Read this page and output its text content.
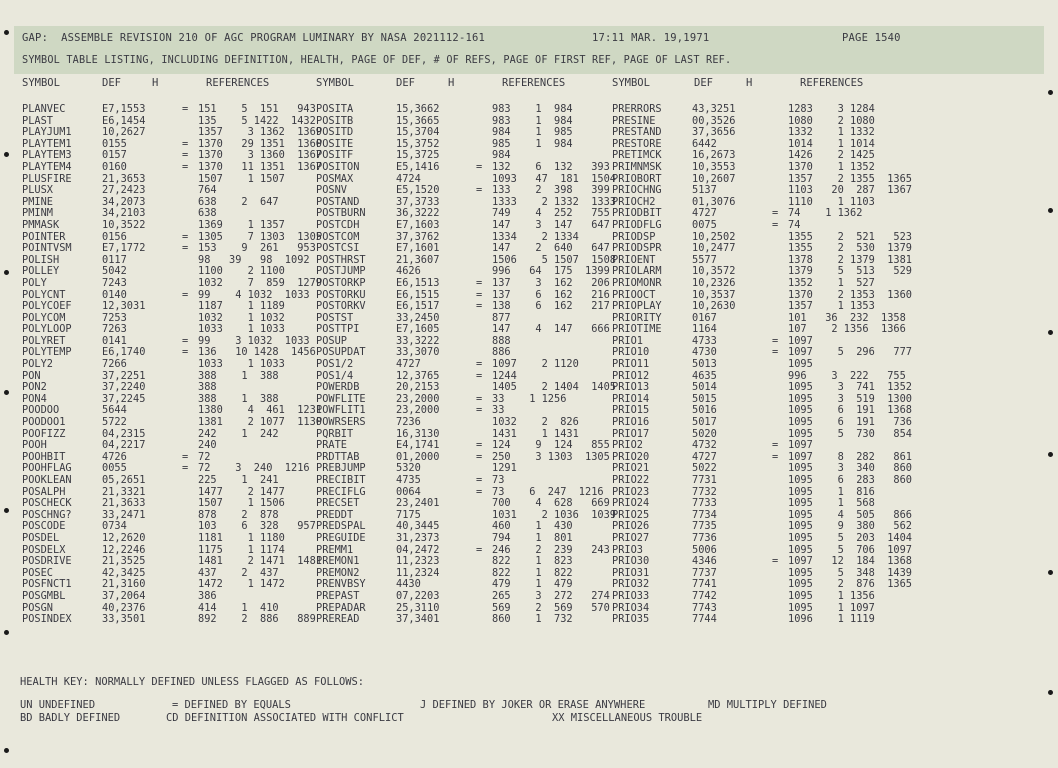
GAP:  ASSEMBLE REVISION 210 OF AGC PROGRAM LUMINARY BY NASA 2021112-161	17:11 MAR. 19,1971	PAGE 1540
SYMBOL TABLE LISTING, INCLUDING DEFINITION, HEALTH, PAGE OF DEF, # OF REFS, PAGE OF FIRST REF, PAGE OF LAST REF.
SYMBOL	DEF	H	REFERENCES	SYMBOL	DEF	H	REFERENCES	SYMBOL	DEF	H	REFERENCES
PLANVEC	E7,1553	= 151    5  151   943
PLAST	E6,1454	135    5 1422  1432
PLAYJUM1	10,2627	1357    3 1362  1369
PLAYTEM1	0155	= 1370   29 1351  1360
PLAYTEM3	0157	= 1370    3 1360  1367
PLAYTEM4	0160	= 1370   11 1351  1367
PLUSFIRE	21,3653	1507    1 1507
PLUSX	27,2423	764
PMINE	34,2073	638    2  647
PMINM	34,2103	638
PMMASK	10,3522	1369    1 1357
POINTER	0156	= 1305    7 1303  1305
POINTVSM	E7,1772	= 153    9  261   953
POLISH	0117	98   39   98  1092
POLLEY	5042	1100    2 1100
POLY	7243	1032    7  859  1279
POLYCNT	0140	= 99    4 1032  1033
POLYCOEF	12,3031	1187    1 1189
POLYCOM	7253	1032    1 1032
POLYLOOP	7263	1033    1 1033
POLYRET	0141	= 99    3 1032  1033
POLYTEMP	E6,1740	= 136   10 1428  1456
POLY2	7266	1033    1 1033
PON	37,2251	388    1  388
PON2	37,2240	388
PON4	37,2245	388    1  388
POODOO	5644	1380    4  461  1231
POODOO1	5722	1381    2 1077  1130
POOFIZZ	04,2315	242    1  242
POOH	04,2217	240
POOHBIT	4726	= 72
POOHFLAG	0055	= 72    3  240  1216
POOKLEAN	05,2651	225    1  241
POSALPH	21,3321	1477    2 1477
POSCHECK	21,3633	1507    1 1506
POSCHNG?	33,2471	878    2  878
POSCODE	0734	103    6  328   957
POSDEL	12,2620	1181    1 1180
POSDELX	12,2246	1175    1 1174
POSDRIVE	21,3525	1481    2 1471  1481
POSEC	42,3425	437    2  437
POSFNCT1	21,3160	1472    1 1472
POSGMBL	37,2064	386
POSGN	40,2376	414    1  410
POSINDEX	33,3501	892    2  886   889
POSITA	15,3662	983    1  984
POSITB	15,3665	983    1  984
POSITD	15,3704	984    1  985
POSITE	15,3752	985    1  984
POSITF	15,3725	984
POSITON	E5,1416	= 132    6  132   393
POSMAX	4724	1093   47  181  1504
POSNV	E5,1520	= 133    2  398   399
POSTAND	37,3733	1333    2 1332  1333
POSTBURN	36,3222	749    4  252   755
POSTCDH	E7,1603	147    3  147   647
POSTCOM	37,3762	1334    2 1334
POSTCSI	E7,1601	147    2  640   647
POSTHRST	21,3607	1506    5 1507  1508
POSTJUMP	4626	996   64  175  1399
POSTORKP	E6,1513	= 137    3  162   206
POSTORKU	E6,1515	= 137    6  162   216
POSTORKV	E6,1517	= 138    6  162   217
POSTST	33,2450	877
POSTTPI	E7,1605	147    4  147   666
POSUP	33,3222	888
POSUPDAT	33,3070	886
POS1/2	4727	= 1097    2 1120
POS1/4	12,3765	= 1244
POWERDB	20,2153	1405    2 1404  1405
POWFLITE	23,2000	= 33    1 1256
POWFLIT1	23,2000	= 33
POWRSERS	7236	1032    2  826
PQRBIT	16,3130	1431    1 1431
PRATE	E4,1741	= 124    9  124   855
PRDTTAB	01,2000	= 250    3 1303  1305
PREBJUMP	5320	1291
PRECIBIT	4735	= 73
PRECIFLG	0064	= 73    6  247  1216
PRECSET	23,2401	700    4  628   669
PREDDT	7175	1031    2 1036  1039
PREDSPAL	40,3445	460    1  430
PREGUIDE	31,2373	794    1  801
PREMM1	04,2472	= 246    2  239   243
PREMON1	11,2323	822    1  823
PREMON2	11,2324	822    1  822
PRENVBSY	4430	479    1  479
PREPAST	07,2203	265    3  272   274
PREPADAR	25,3110	569    2  569   570
PREREAD	37,3401	860    1  732
PRERRORS	43,3251	1283    3 1284
PRESINE	00,3526	1080    2 1080
PRESTAND	37,3656	1332    1 1332
PRESTORE	6442	1014    1 1014
PRETIMCK	16,2673	1426    2 1425
PRIMNMSK	10,3553	1370    1 1352
PRIOBORT	10,2607	1357    2 1355  1365
PRIOCHNG	5137	1103   20  287  1367
PRIOCH2	01,3076	1110    1 1103
PRIODBIT	4727	= 74    1 1362
PRIODFLG	0075	= 74
PRIODSP	10,2502	1355    2  521   523
PRIODSPR	10,2477	1355    2  530  1379
PRIOENT	5577	1378    2 1379  1381
PRIOLARM	10,3572	1379    5  513   529
PRIOMONR	10,2326	1352    1  527
PRIOOCT	10,3537	1370    2 1353  1360
PRIOPLAY	10,2630	1357    1 1353
PRIORITY	0167	101   36  232  1358
PRIOTIME	1164	107    2 1356  1366
PRIO1	4733	= 1097
PRIO10	4730	= 1097    5  296   777
PRIO11	5013	1095
PRIO12	4635	996    3  222   755
PRIO13	5014	1095    3  741  1352
PRIO14	5015	1095    3  519  1300
PRIO15	5016	1095    6  191  1368
PRIO16	5017	1095    6  191   736
PRIO17	5020	1095    5  730   854
PRIO2	4732	= 1097
PRIO20	4727	= 1097    8  282   861
PRIO21	5022	1095    3  340   860
PRIO22	7731	1095    6  283   860
PRIO23	7732	1095    1  816
PRIO24	7733	1095    1  568
PRIO25	7734	1095    4  505   866
PRIO26	7735	1095    9  380   562
PRIO27	7736	1095    5  203  1404
PRIO3	5006	1095    5  706  1097
PRIO30	4346	= 1097   12  184  1368
PRIO31	7737	1095    5  348  1439
PRIO32	7741	1095    2  876  1365
PRIO33	7742	1095    1 1356
PRIO34	7743	1095    1 1097
PRIO35	7744	1096    1 1119
HEALTH KEY: NORMALLY DEFINED UNLESS FLAGGED AS FOLLOWS:
UN UNDEFINED	= DEFINED BY EQUALS	J DEFINED BY JOKER OR ERASE ANYWHERE	MD MULTIPLY DEFINED
BD BADLY DEFINED	CD DEFINITION ASSOCIATED WITH CONFLICT	XX MISCELLANEOUS TROUBLE
